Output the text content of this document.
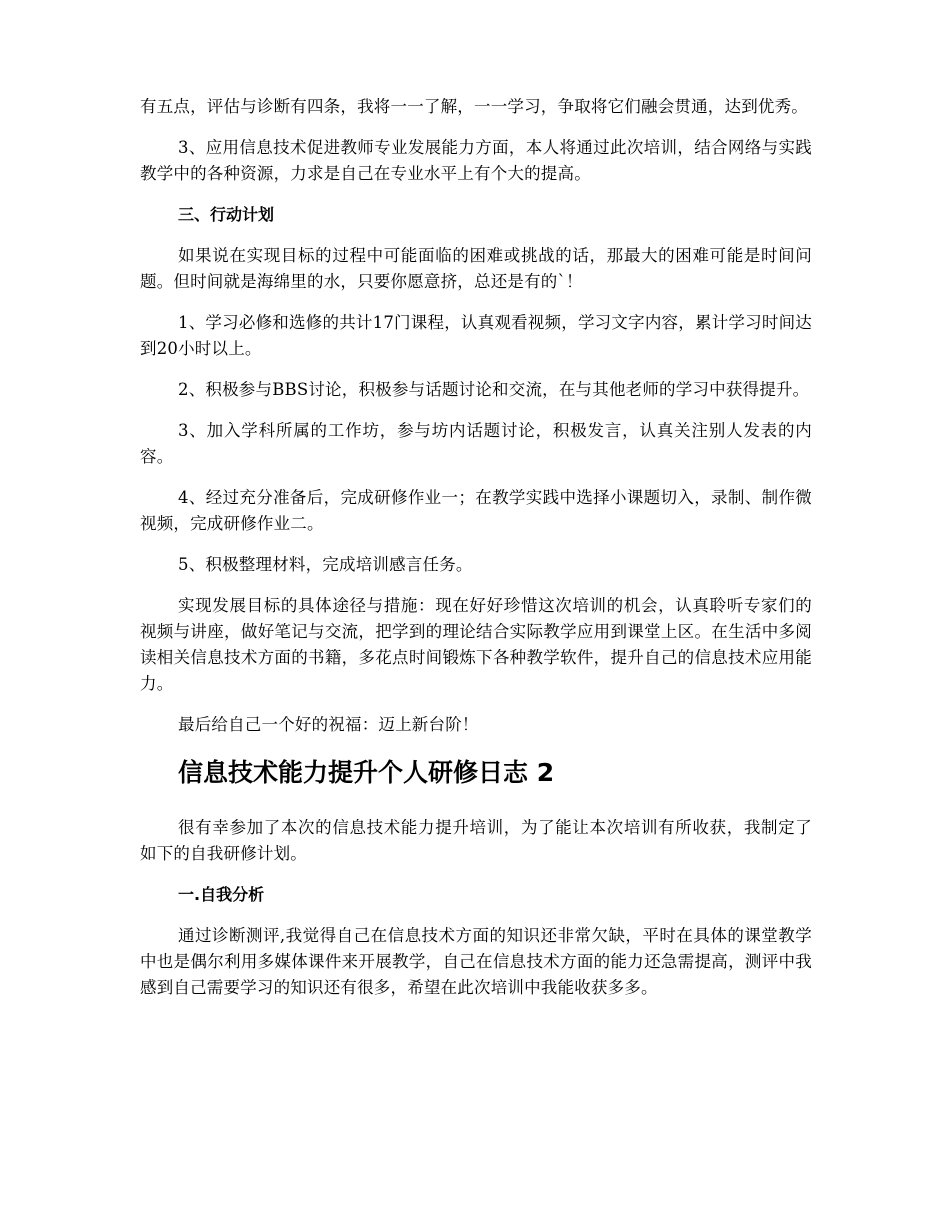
有五点，评估与诊断有四条，我将一一了解，一一学习，争取将它们融会贯通，达到优秀。

3、应用信息技术促进教师专业发展能力方面，本人将通过此次培训，结合网络与实践教学中的各种资源，力求是自己在专业水平上有个大的提高。

三、行动计划

如果说在实现目标的过程中可能面临的困难或挑战的话，那最大的困难可能是时间问题。但时间就是海绵里的水，只要你愿意挤，总还是有的`！

1、学习必修和选修的共计17门课程，认真观看视频，学习文字内容，累计学习时间达到20小时以上。

2、积极参与BBS讨论，积极参与话题讨论和交流，在与其他老师的学习中获得提升。

3、加入学科所属的工作坊，参与坊内话题讨论，积极发言，认真关注别人发表的内容。

4、经过充分准备后，完成研修作业一；在教学实践中选择小课题切入，录制、制作微视频，完成研修作业二。

5、积极整理材料，完成培训感言任务。

实现发展目标的具体途径与措施：现在好好珍惜这次培训的机会，认真聆听专家们的视频与讲座，做好笔记与交流，把学到的理论结合实际教学应用到课堂上区。在生活中多阅读相关信息技术方面的书籍，多花点时间锻炼下各种教学软件，提升自己的信息技术应用能力。

最后给自己一个好的祝福：迈上新台阶！

信息技术能力提升个人研修日志 2

很有幸参加了本次的信息技术能力提升培训，为了能让本次培训有所收获，我制定了如下的自我研修计划。

一.自我分析

通过诊断测评,我觉得自己在信息技术方面的知识还非常欠缺，平时在具体的课堂教学中也是偶尔利用多媒体课件来开展教学，自己在信息技术方面的能力还急需提高，测评中我感到自己需要学习的知识还有很多，希望在此次培训中我能收获多多。
